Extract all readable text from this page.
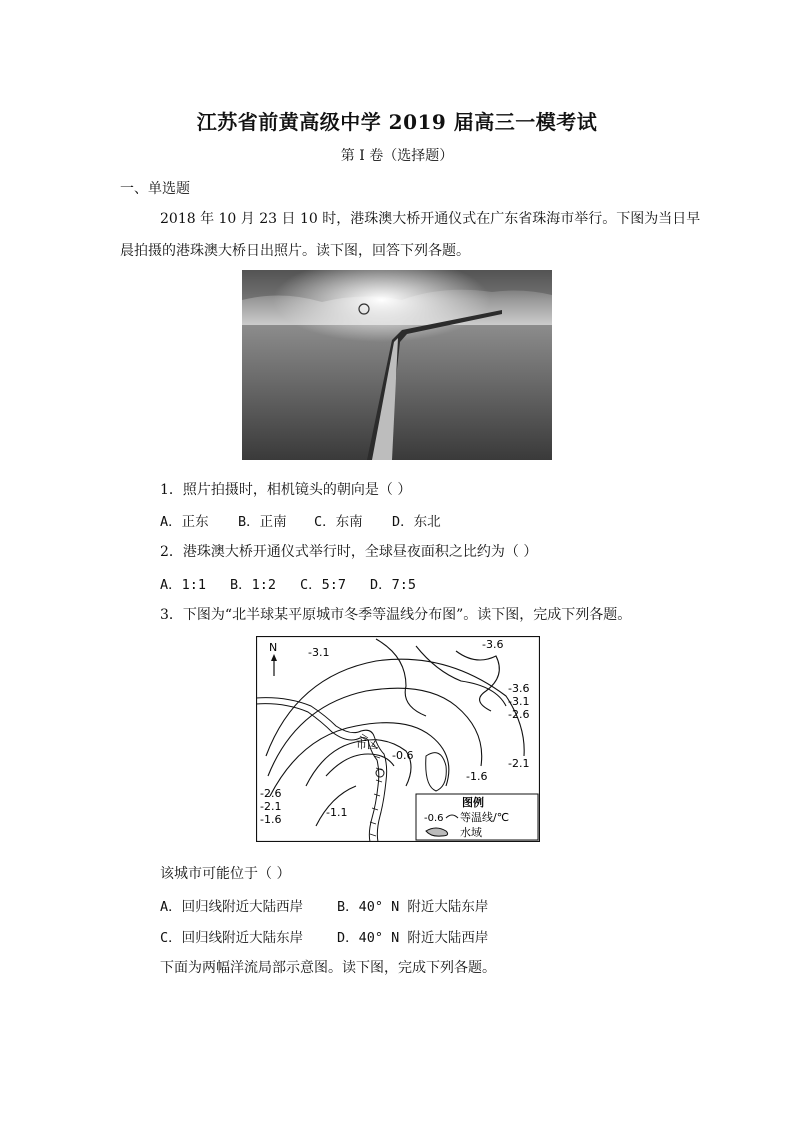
江苏省前黄高级中学 2019 届高三一模考试
第 I 卷（选择题）
一、单选题
2018 年 10 月 23 日 10 时，港珠澳大桥开通仪式在广东省珠海市举行。下图为当日早
晨拍摄的港珠澳大桥日出照片。读下图，回答下列各题。
1．照片拍摄时，相机镜头的朝向是（ ）
A．正东 B．正南 C．东南 D．东北
2．港珠澳大桥开通仪式举行时，全球昼夜面积之比约为（ ）
A．1:1 B．1:2 C．5:7 D．7:5
3．下图为“北半球某平原城市冬季等温线分布图”。读下图，完成下列各题。
N
市区
-3.1
-3.6
-3.6
-3.1
-2.6
-0.6
-2.1
-1.6
-2.6
-2.1
-1.6
-1.1
图例
-0.6 等温线/℃
水域
该城市可能位于（ ）
A．回归线附近大陆西岸	B．40° N 附近大陆东岸
C．回归线附近大陆东岸	D．40° N 附近大陆西岸
下面为两幅洋流局部示意图。读下图，完成下列各题。
